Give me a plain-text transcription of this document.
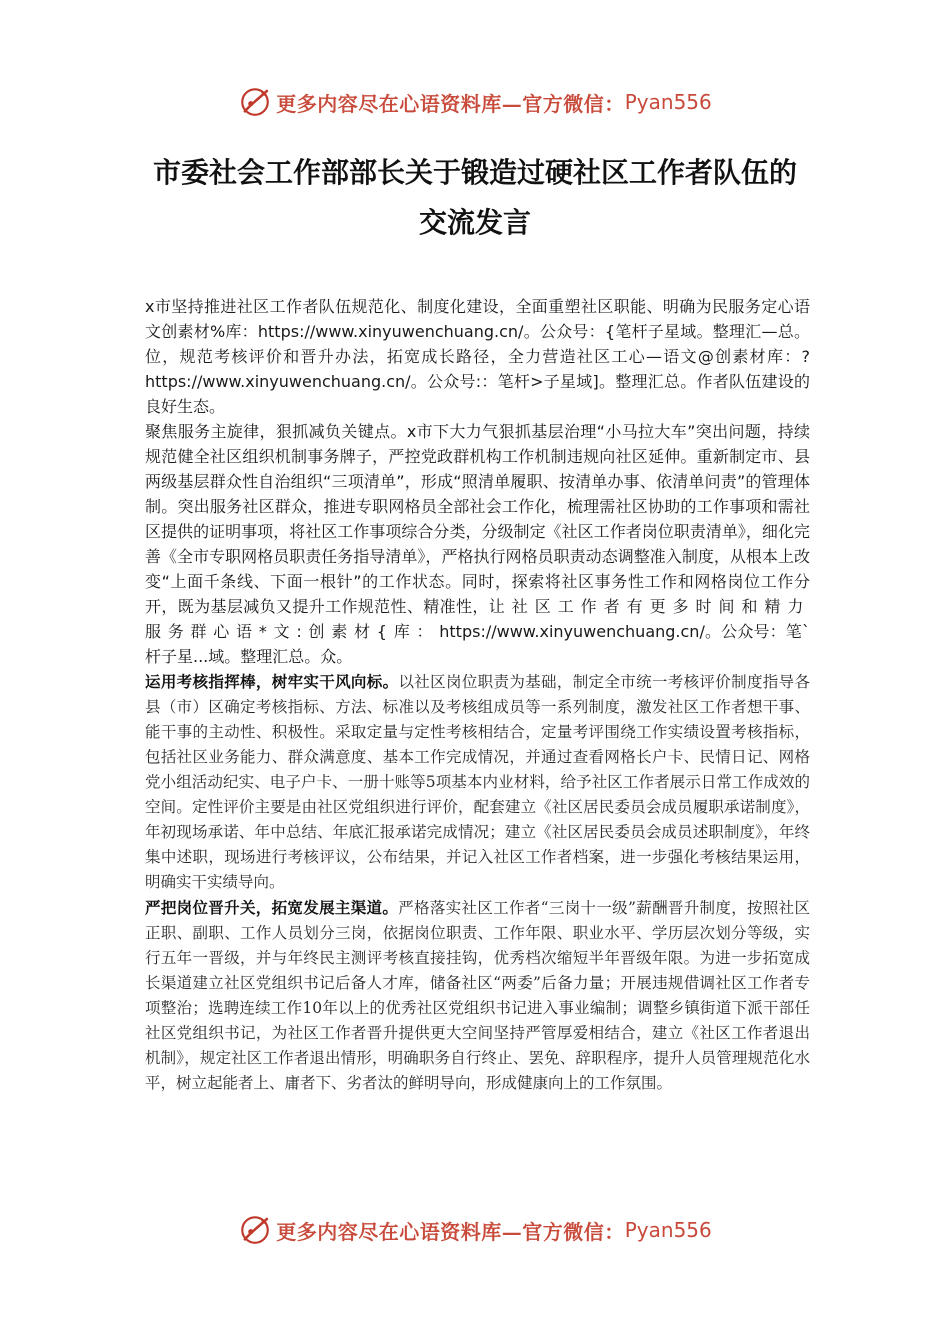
更多内容尽在心语资料库—官方微信： Pyan556
市委社会工作部部长关于锻造过硬社区工作者队伍的
交流发言

x市坚持推进社区工作者队伍规范化、制度化建设，全面重塑社区职能、明确为民服务定心语文创素材%库：https://www.xinyuwenchuang.cn/。公众号：{笔杆子星域。整理汇—总。位，规范考核评价和晋升办法，拓宽成长路径，全力营造社区工心—语文@创素材库：?https://www.xinyuwenchuang.cn/。公众号:：笔杆>子星域]。整理汇总。作者队伍建设的良好生态。

聚焦服务主旋律，狠抓减负关键点。x市下大力气狠抓基层治理“小马拉大车”突出问题，持续规范健全社区组织机制事务牌子，严控党政群机构工作机制违规向社区延伸。重新制定市、县两级基层群众性自治组织“三项清单”，形成“照清单履职、按清单办事、依清单问责”的管理体制。突出服务社区群众，推进专职网格员全部社会工作化，梳理需社区协助的工作事项和需社区提供的证明事项，将社区工作事项综合分类，分级制定《社区工作者岗位职责清单》，细化完善《全市专职网格员职责任务指导清单》，严格执行网格员职责动态调整准入制度，从根本上改变“上面千条线、下面一根针”的工作状态。同时，探索将社区事务性工作和网格岗位工作分开，既为基层减负又提升工作规范性、精准性，让社区工作者有更多时间和精力服务群心语*文:创素材{库：https://www.xinyuwenchuang.cn/。公众号：笔`杆子星...域。整理汇总。众。

运用考核指挥棒，树牢实干风向标。以社区岗位职责为基础，制定全市统一考核评价制度指导各县（市）区确定考核指标、方法、标准以及考核组成员等一系列制度，激发社区工作者想干事、能干事的主动性、积极性。采取定量与定性考核相结合，定量考评围绕工作实绩设置考核指标，包括社区业务能力、群众满意度、基本工作完成情况，并通过查看网格长户卡、民情日记、网格党小组活动纪实、电子户卡、一册十账等5项基本内业材料，给予社区工作者展示日常工作成效的空间。定性评价主要是由社区党组织进行评价，配套建立《社区居民委员会成员履职承诺制度》，年初现场承诺、年中总结、年底汇报承诺完成情况；建立《社区居民委员会成员述职制度》，年终集中述职，现场进行考核评议，公布结果，并记入社区工作者档案，进一步强化考核结果运用，明确实干实绩导向。

严把岗位晋升关，拓宽发展主渠道。严格落实社区工作者“三岗十一级”薪酬晋升制度，按照社区正职、副职、工作人员划分三岗，依据岗位职责、工作年限、职业水平、学历层次划分等级，实行五年一晋级，并与年终民主测评考核直接挂钩，优秀档次缩短半年晋级年限。为进一步拓宽成长渠道建立社区党组织书记后备人才库，储备社区“两委”后备力量；开展违规借调社区工作者专项整治；选聘连续工作10年以上的优秀社区党组织书记进入事业编制；调整乡镇街道下派干部任社区党组织书记，为社区工作者晋升提供更大空间坚持严管厚爱相结合，建立《社区工作者退出机制》，规定社区工作者退出情形，明确职务自行终止、罢免、辞职程序，提升人员管理规范化水平，树立起能者上、庸者下、劣者汰的鲜明导向，形成健康向上的工作氛围。

更多内容尽在心语资料库—官方微信： Pyan556
